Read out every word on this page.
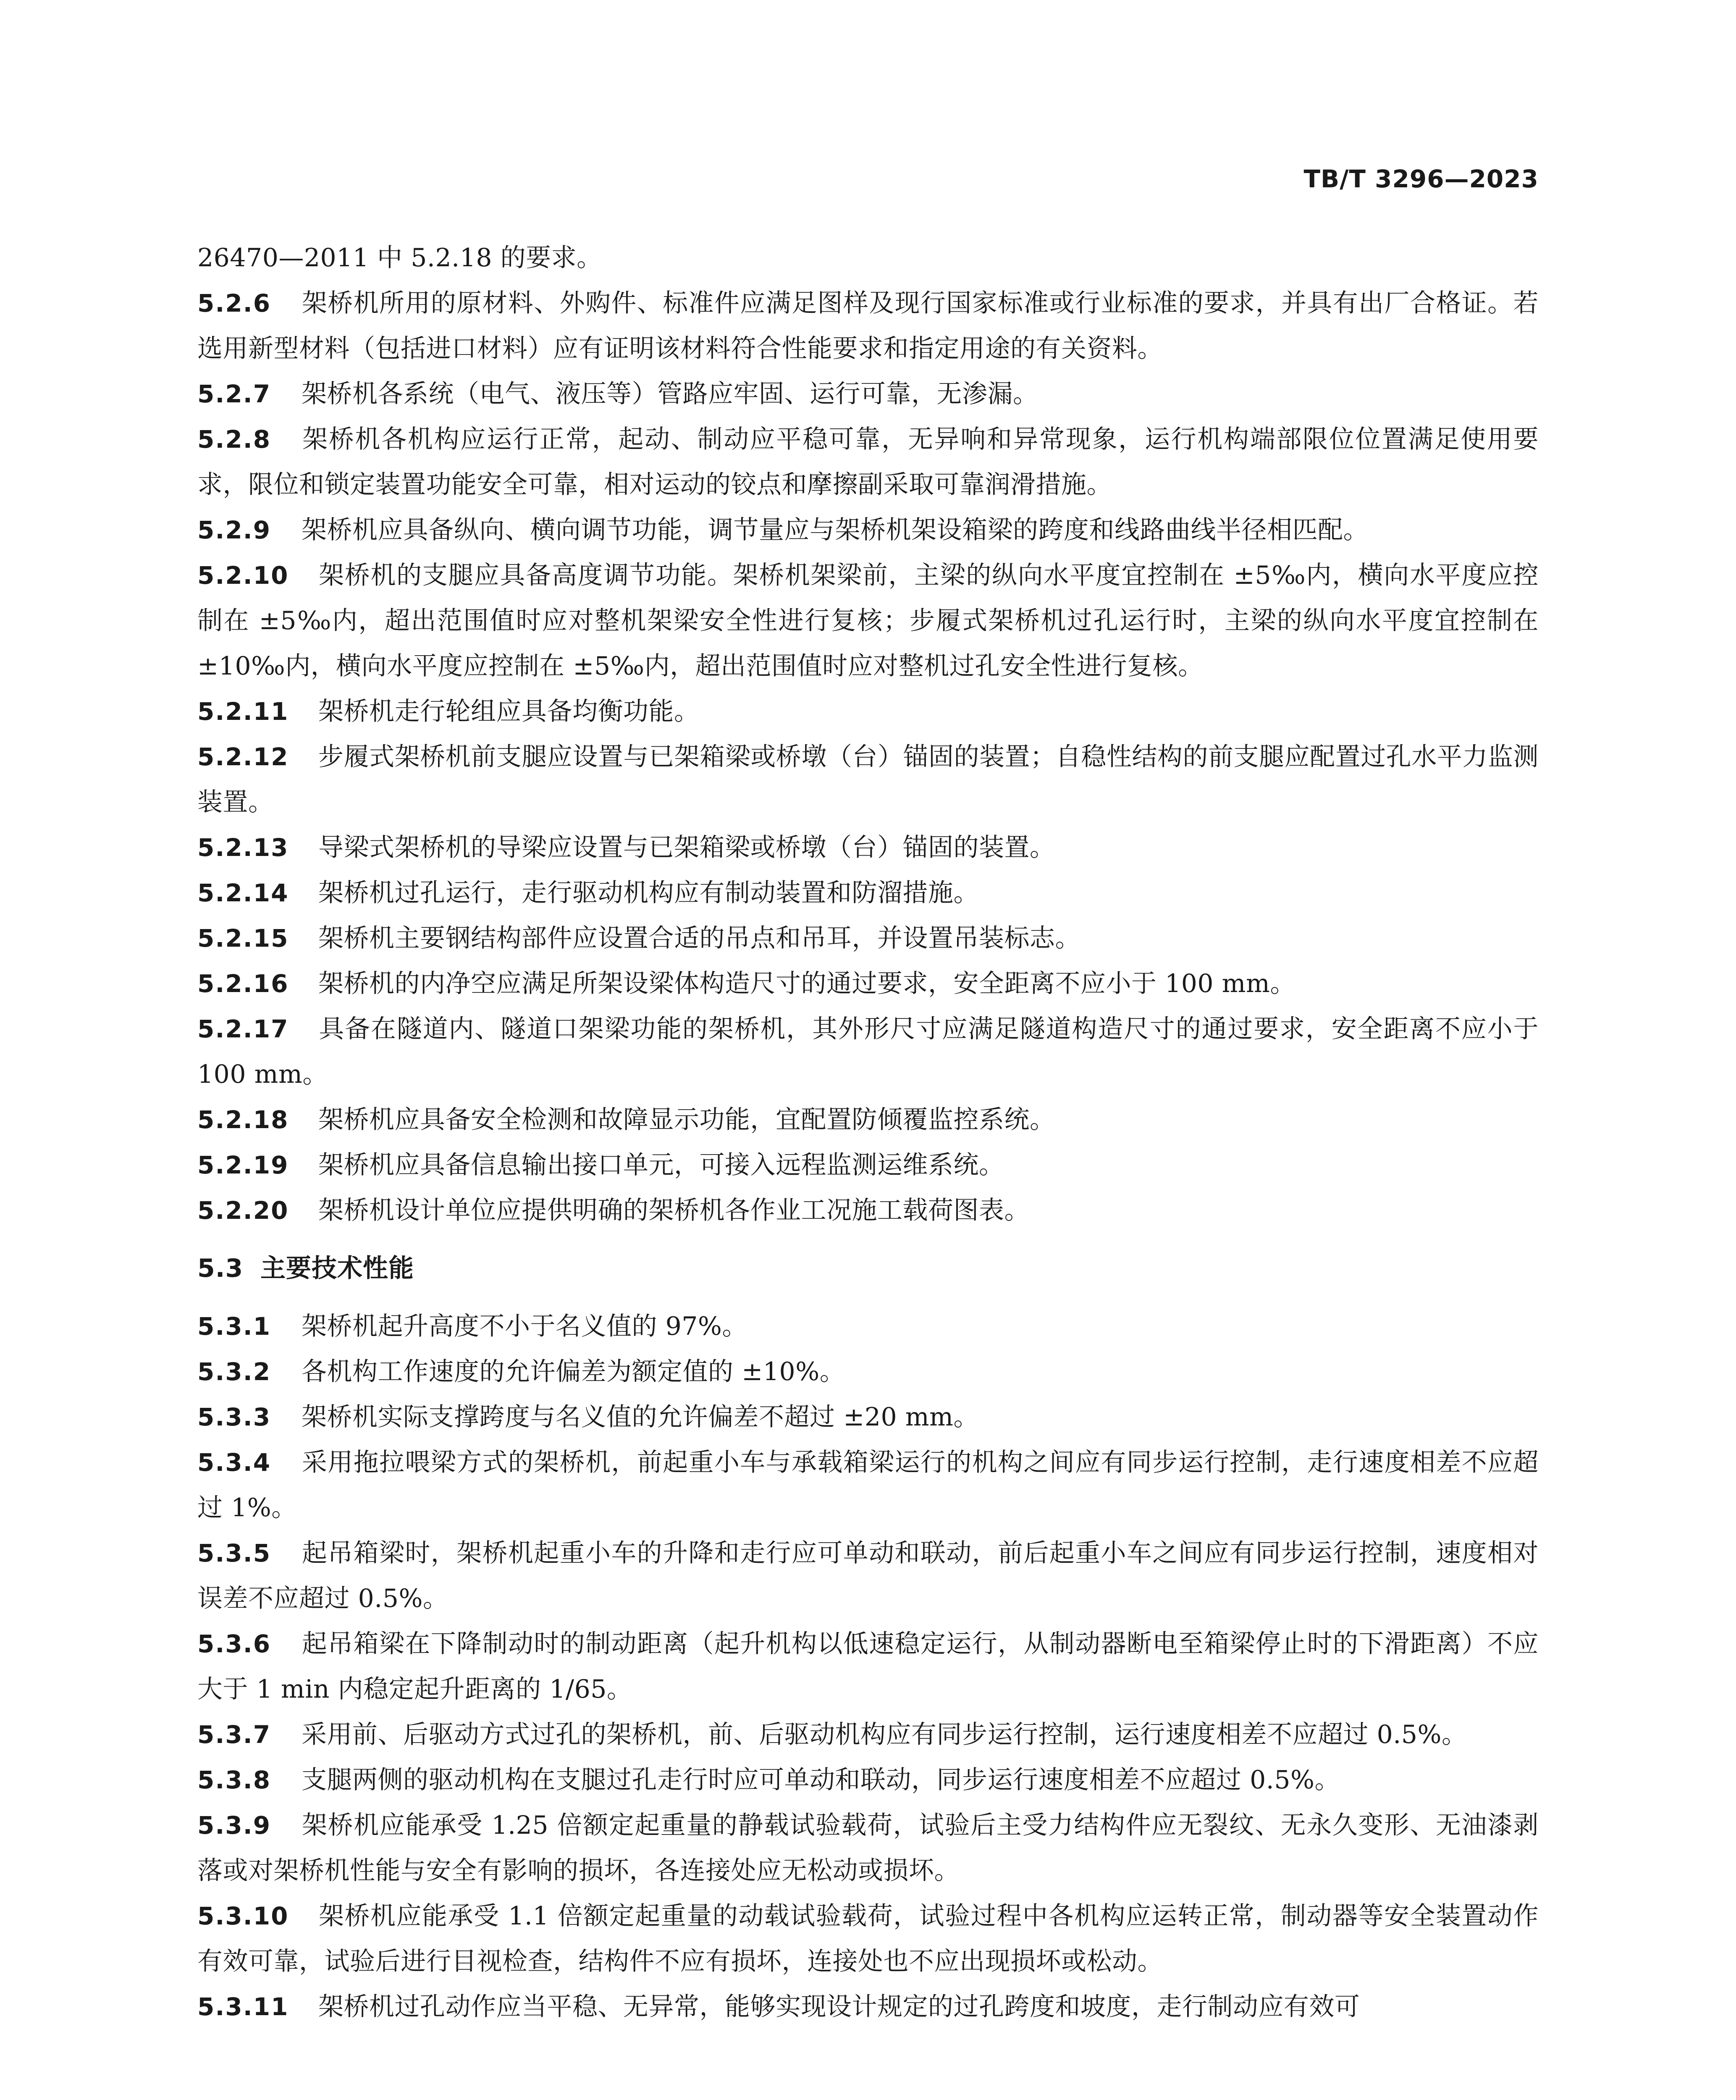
TB/T 3296—2023

26470—2011 中 5.2.18 的要求。

5.2.6 架桥机所用的原材料、外购件、标准件应满足图样及现行国家标准或行业标准的要求，并具有出厂合格证。若选用新型材料（包括进口材料）应有证明该材料符合性能要求和指定用途的有关资料。

5.2.7 架桥机各系统（电气、液压等）管路应牢固、运行可靠，无渗漏。

5.2.8 架桥机各机构应运行正常，起动、制动应平稳可靠，无异响和异常现象，运行机构端部限位位置满足使用要求，限位和锁定装置功能安全可靠，相对运动的铰点和摩擦副采取可靠润滑措施。

5.2.9 架桥机应具备纵向、横向调节功能，调节量应与架桥机架设箱梁的跨度和线路曲线半径相匹配。

5.2.10 架桥机的支腿应具备高度调节功能。架桥机架梁前，主梁的纵向水平度宜控制在 ±5‰内，横向水平度应控制在 ±5‰内，超出范围值时应对整机架梁安全性进行复核；步履式架桥机过孔运行时，主梁的纵向水平度宜控制在 ±10‰内，横向水平度应控制在 ±5‰内，超出范围值时应对整机过孔安全性进行复核。

5.2.11 架桥机走行轮组应具备均衡功能。

5.2.12 步履式架桥机前支腿应设置与已架箱梁或桥墩（台）锚固的装置；自稳性结构的前支腿应配置过孔水平力监测装置。

5.2.13 导梁式架桥机的导梁应设置与已架箱梁或桥墩（台）锚固的装置。

5.2.14 架桥机过孔运行，走行驱动机构应有制动装置和防溜措施。

5.2.15 架桥机主要钢结构部件应设置合适的吊点和吊耳，并设置吊装标志。

5.2.16 架桥机的内净空应满足所架设梁体构造尺寸的通过要求，安全距离不应小于 100 mm。

5.2.17 具备在隧道内、隧道口架梁功能的架桥机，其外形尺寸应满足隧道构造尺寸的通过要求，安全距离不应小于 100 mm。

5.2.18 架桥机应具备安全检测和故障显示功能，宜配置防倾覆监控系统。

5.2.19 架桥机应具备信息输出接口单元，可接入远程监测运维系统。

5.2.20 架桥机设计单位应提供明确的架桥机各作业工况施工载荷图表。

5.3 主要技术性能

5.3.1 架桥机起升高度不小于名义值的 97%。

5.3.2 各机构工作速度的允许偏差为额定值的 ±10%。

5.3.3 架桥机实际支撑跨度与名义值的允许偏差不超过 ±20 mm。

5.3.4 采用拖拉喂梁方式的架桥机，前起重小车与承载箱梁运行的机构之间应有同步运行控制，走行速度相差不应超过 1%。

5.3.5 起吊箱梁时，架桥机起重小车的升降和走行应可单动和联动，前后起重小车之间应有同步运行控制，速度相对误差不应超过 0.5%。

5.3.6 起吊箱梁在下降制动时的制动距离（起升机构以低速稳定运行，从制动器断电至箱梁停止时的下滑距离）不应大于 1 min 内稳定起升距离的 1/65。

5.3.7 采用前、后驱动方式过孔的架桥机，前、后驱动机构应有同步运行控制，运行速度相差不应超过 0.5%。

5.3.8 支腿两侧的驱动机构在支腿过孔走行时应可单动和联动，同步运行速度相差不应超过 0.5%。

5.3.9 架桥机应能承受 1.25 倍额定起重量的静载试验载荷，试验后主受力结构件应无裂纹、无永久变形、无油漆剥落或对架桥机性能与安全有影响的损坏，各连接处应无松动或损坏。

5.3.10 架桥机应能承受 1.1 倍额定起重量的动载试验载荷，试验过程中各机构应运转正常，制动器等安全装置动作有效可靠，试验后进行目视检查，结构件不应有损坏，连接处也不应出现损坏或松动。

5.3.11 架桥机过孔动作应当平稳、无异常，能够实现设计规定的过孔跨度和坡度，走行制动应有效可
